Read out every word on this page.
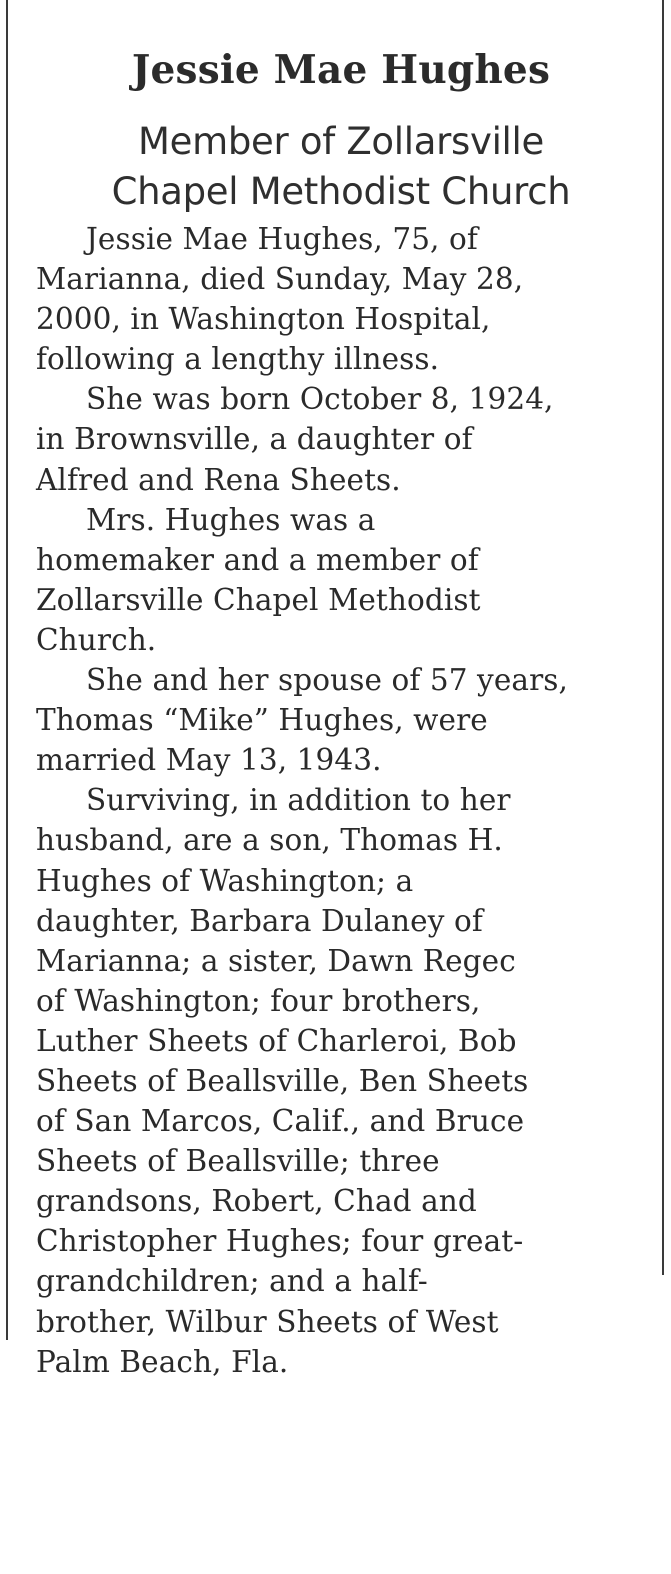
Jessie Mae Hughes
Member of Zollarsville
Chapel Methodist Church
Jessie Mae Hughes, 75, of
Marianna, died Sunday, May 28,
2000, in Washington Hospital,
following a lengthy illness.
She was born October 8, 1924,
in Brownsville, a daughter of
Alfred and Rena Sheets.
Mrs. Hughes was a
homemaker and a member of
Zollarsville Chapel Methodist
Church.
She and her spouse of 57 years,
Thomas “Mike” Hughes, were
married May 13, 1943.
Surviving, in addition to her
husband, are a son, Thomas H.
Hughes of Washington; a
daughter, Barbara Dulaney of
Marianna; a sister, Dawn Regec
of Washington; four brothers,
Luther Sheets of Charleroi, Bob
Sheets of Beallsville, Ben Sheets
of San Marcos, Calif., and Bruce
Sheets of Beallsville; three
grandsons, Robert, Chad and
Christopher Hughes; four great-
grandchildren; and a half-
brother, Wilbur Sheets of West
Palm Beach, Fla.
